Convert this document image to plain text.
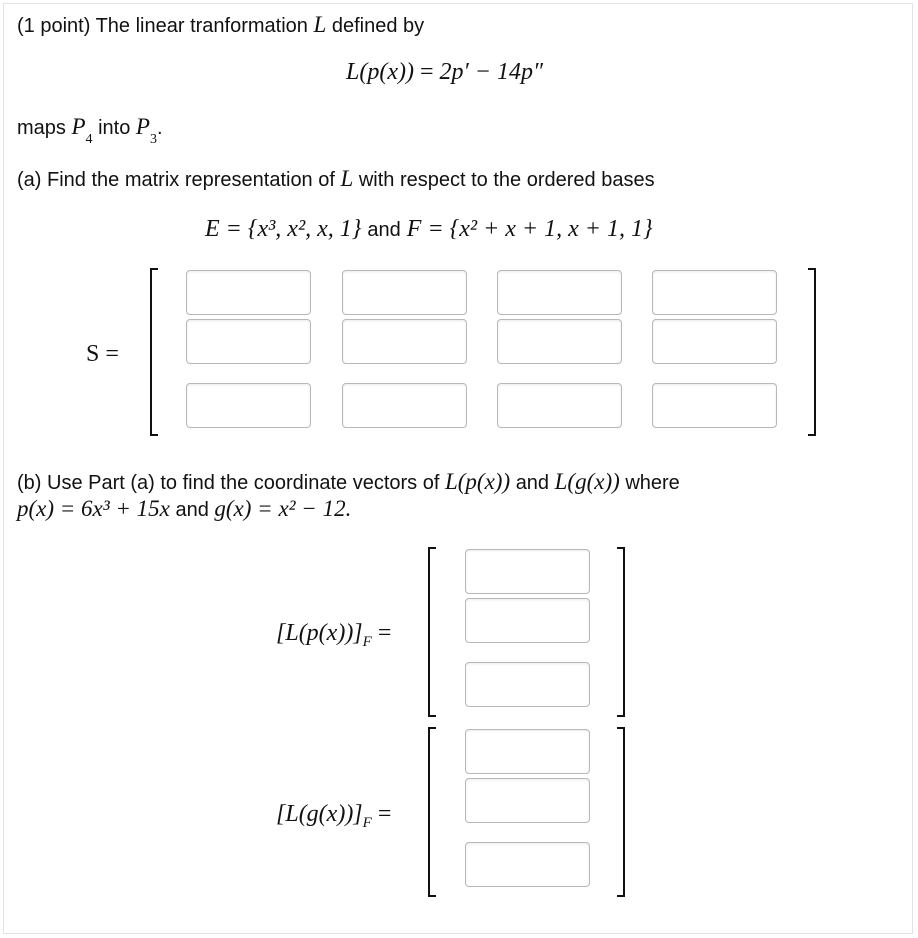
(1 point) The linear tranformation L defined by
L(p(x)) = 2p′ − 14p″
maps $P_4$ into $P_3$.
(a) Find the matrix representation of L with respect to the ordered bases
E = {x³, x², x, 1} and F = {x² + x + 1, x + 1, 1}
S =
(b) Use Part (a) to find the coordinate vectors of L(p(x)) and L(g(x)) where
p(x) = 6x³ + 15x and g(x) = x² − 12.
$[L(p(x))]_F$ =
$[L(g(x))]_F$ =
